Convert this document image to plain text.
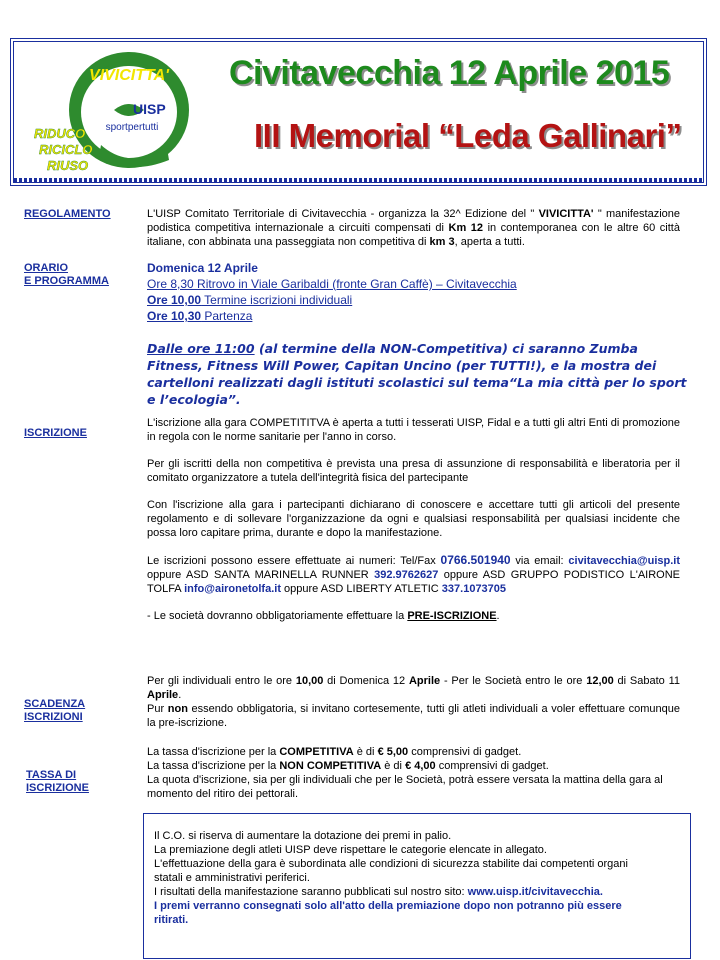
VIVICITTA'
UISP
sportpertutti
RIDUCO
RICICLO
RIUSO
Civitavecchia 12 Aprile 2015
III Memorial “Leda Gallinari”
REGOLAMENTO	L'UISP Comitato Territoriale di Civitavecchia - organizza la 32^ Edizione del " VIVICITTA' " manifestazione podistica competitiva internazionale a circuiti compensati di Km 12 in contemporanea con le altre 60 città italiane, con abbinata una passeggiata non competitiva di km 3, aperta a tutti.
ORARIO
E PROGRAMMA
Domenica 12 Aprile
Ore 8,30 Ritrovo in Viale Garibaldi (fronte Gran Caffè) – Civitavecchia
Ore 10,00 Termine iscrizioni individuali
Ore 10,30 Partenza
Dalle ore 11:00 (al termine della NON-Competitiva) ci saranno Zumba Fitness, Fitness Will Power, Capitan Uncino (per TUTTI!), e la mostra dei cartelloni realizzati dagli istituti scolastici sul tema“La mia città per lo sport e l’ecologia”.
ISCRIZIONE

L'iscrizione alla gara COMPETITITVA è aperta a tutti i tesserati UISP, Fidal e a tutti gli altri Enti di promozione in regola con le norme sanitarie per l'anno in corso.

Per gli iscritti della non competitiva è prevista una presa di assunzione di responsabilità e liberatoria per il comitato organizzatore a tutela dell'integrità fisica del partecipante

Con l'iscrizione alla gara i partecipanti dichiarano di conoscere e accettare tutti gli articoli del presente regolamento e di sollevare l'organizzazione da ogni e qualsiasi responsabilità per qualsiasi incidente che possa loro capitare prima, durante e dopo la manifestazione.

Le iscrizioni possono essere effettuate ai numeri: Tel/Fax 0766.501940 via email: civitavecchia@uisp.it oppure ASD SANTA MARINELLA RUNNER 392.9762627 oppure ASD GRUPPO PODISTICO L'AIRONE TOLFA info@aironetolfa.it oppure ASD LIBERTY ATLETIC 337.1073705

- Le società dovranno obbligatoriamente effettuare la PRE-ISCRIZIONE.

SCADENZA
ISCRIZIONI

Per gli individuali entro le ore 10,00 di Domenica 12 Aprile - Per le Società entro le ore 12,00 di Sabato 11 Aprile.

Pur non essendo obbligatoria, si invitano cortesemente, tutti gli atleti individuali a voler effettuare comunque la pre-iscrizione.

TASSA DI
ISCRIZIONE

La tassa d'iscrizione per la COMPETITIVA è di € 5,00 comprensivi di gadget.

La tassa d'iscrizione per la NON COMPETITIVA è di € 4,00 comprensivi di gadget.

La quota d'iscrizione, sia per gli individuali che per le Società, potrà essere versata la mattina della gara al momento del ritiro dei pettorali.

Il C.O. si riserva di aumentare la dotazione dei premi in palio.
La premiazione degli atleti UISP deve rispettare le categorie elencate in allegato.
L'effettuazione della gara è subordinata alle condizioni di sicurezza stabilite dai competenti organi
statali e amministrativi periferici.
I risultati della manifestazione saranno pubblicati sul nostro sito: www.uisp.it/civitavecchia.
I premi verranno consegnati solo all'atto della premiazione dopo non potranno più essere
ritirati.
